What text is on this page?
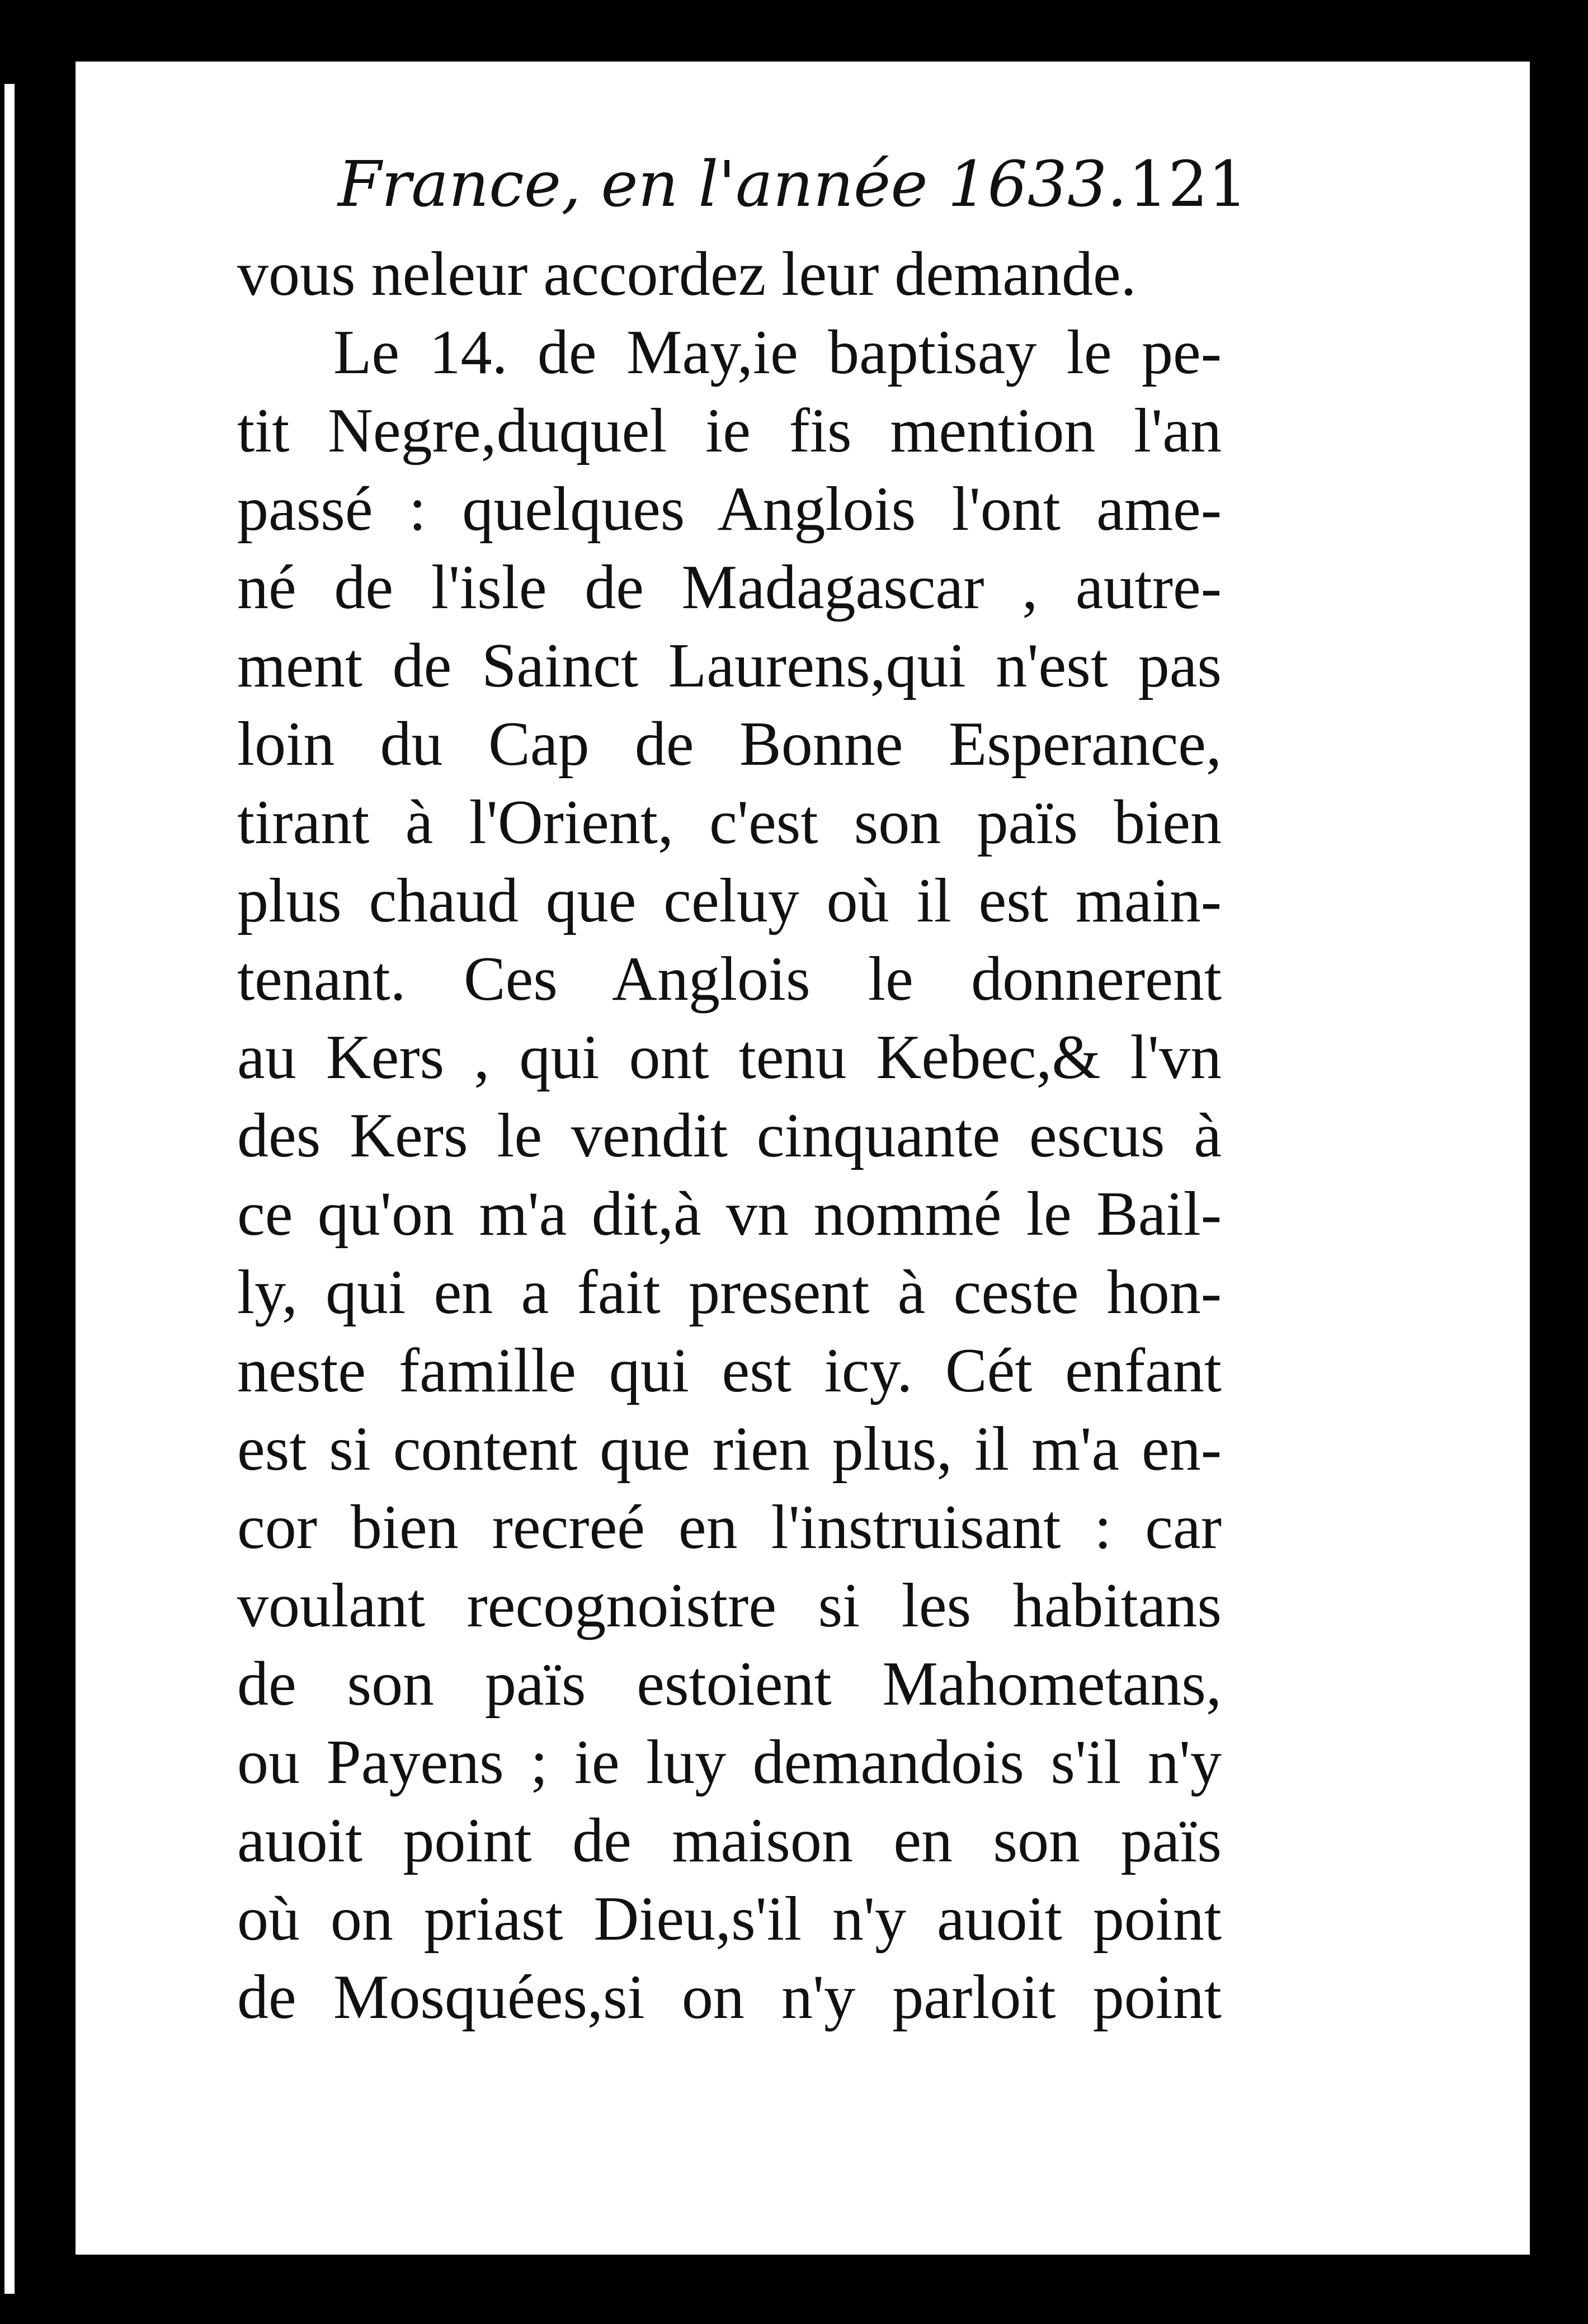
France, en l'année 1633. 121
vous neleur accordez leur demande.
Le 14. de May,ie baptisay le pe-
tit Negre,duquel ie fis mention l'an
passé : quelques Anglois l'ont ame-
né de l'isle de Madagascar , autre-
ment de Sainct Laurens,qui n'est pas
loin du Cap de Bonne Esperance,
tirant à l'Orient, c'est son païs bien
plus chaud que celuy où il est main-
tenant. Ces Anglois le donnerent
au Kers , qui ont tenu Kebec,& l'vn
des Kers le vendit cinquante escus à
ce qu'on m'a dit,à vn nommé le Bail-
ly, qui en a fait present à ceste hon-
neste famille qui est icy. Cét enfant
est si content que rien plus, il m'a en-
cor bien recreé en l'instruisant : car
voulant recognoistre si les habitans
de son païs estoient Mahometans,
ou Payens ; ie luy demandois s'il n'y
auoit point de maison en son païs
où on priast Dieu,s'il n'y auoit point
de Mosquées,si on n'y parloit point
